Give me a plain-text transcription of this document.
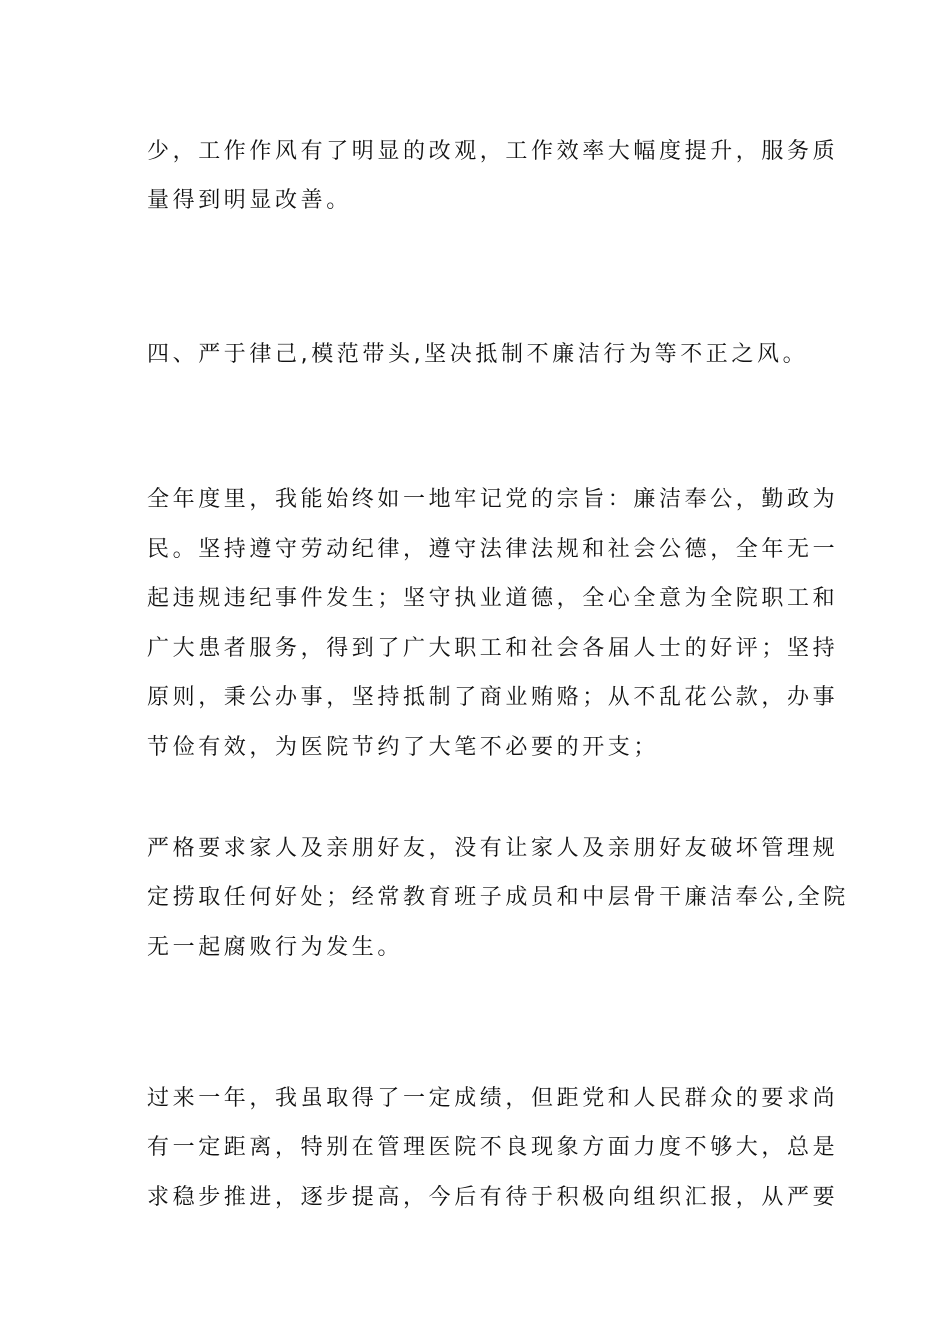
少，工作作风有了明显的改观，工作效率大幅度提升，服务质

量得到明显改善。

四、严于律己,模范带头,坚决抵制不廉洁行为等不正之风。

全年度里，我能始终如一地牢记党的宗旨：廉洁奉公，勤政为

民。坚持遵守劳动纪律，遵守法律法规和社会公德，全年无一

起违规违纪事件发生；坚守执业道德，全心全意为全院职工和

广大患者服务，得到了广大职工和社会各届人士的好评；坚持

原则，秉公办事，坚持抵制了商业贿赂；从不乱花公款，办事

节俭有效，为医院节约了大笔不必要的开支；

严格要求家人及亲朋好友，没有让家人及亲朋好友破坏管理规

定捞取任何好处；经常教育班子成员和中层骨干廉洁奉公,全院

无一起腐败行为发生。

过来一年，我虽取得了一定成绩，但距党和人民群众的要求尚

有一定距离，特别在管理医院不良现象方面力度不够大，总是

求稳步推进，逐步提高，今后有待于积极向组织汇报，从严要
